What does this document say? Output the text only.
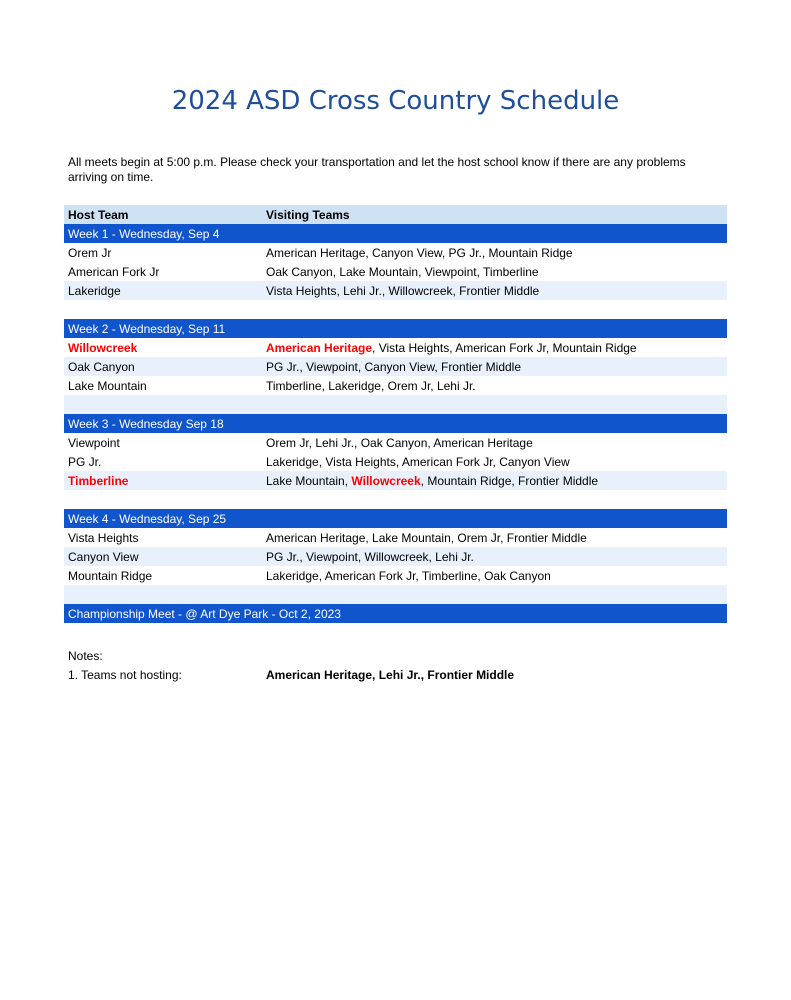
2024 ASD Cross Country Schedule
All meets begin at 5:00 p.m. Please check your transportation and let the host school know if there are any problems arriving on time.
Host Team	Visiting Teams
Week 1 - Wednesday, Sep 4
Orem Jr	American Heritage, Canyon View, PG Jr., Mountain Ridge
American Fork Jr	Oak Canyon, Lake Mountain, Viewpoint, Timberline
Lakeridge	Vista Heights, Lehi Jr., Willowcreek, Frontier Middle
Week 2 - Wednesday, Sep 11
Willowcreek	American Heritage, Vista Heights, American Fork Jr, Mountain Ridge
Oak Canyon	PG Jr., Viewpoint, Canyon View, Frontier Middle
Lake Mountain	Timberline, Lakeridge, Orem Jr, Lehi Jr.
Week 3 - Wednesday Sep 18
Viewpoint	Orem Jr, Lehi Jr., Oak Canyon, American Heritage
PG Jr.	Lakeridge, Vista Heights, American Fork Jr, Canyon View
Timberline	Lake Mountain, Willowcreek, Mountain Ridge, Frontier Middle
Week 4 - Wednesday, Sep 25
Vista Heights	American Heritage, Lake Mountain, Orem Jr, Frontier Middle
Canyon View	PG Jr., Viewpoint, Willowcreek, Lehi Jr.
Mountain Ridge	Lakeridge, American Fork Jr, Timberline, Oak Canyon
Championship Meet - @ Art Dye Park - Oct 2, 2023
Notes:
1. Teams not hosting:	American Heritage, Lehi Jr., Frontier Middle
